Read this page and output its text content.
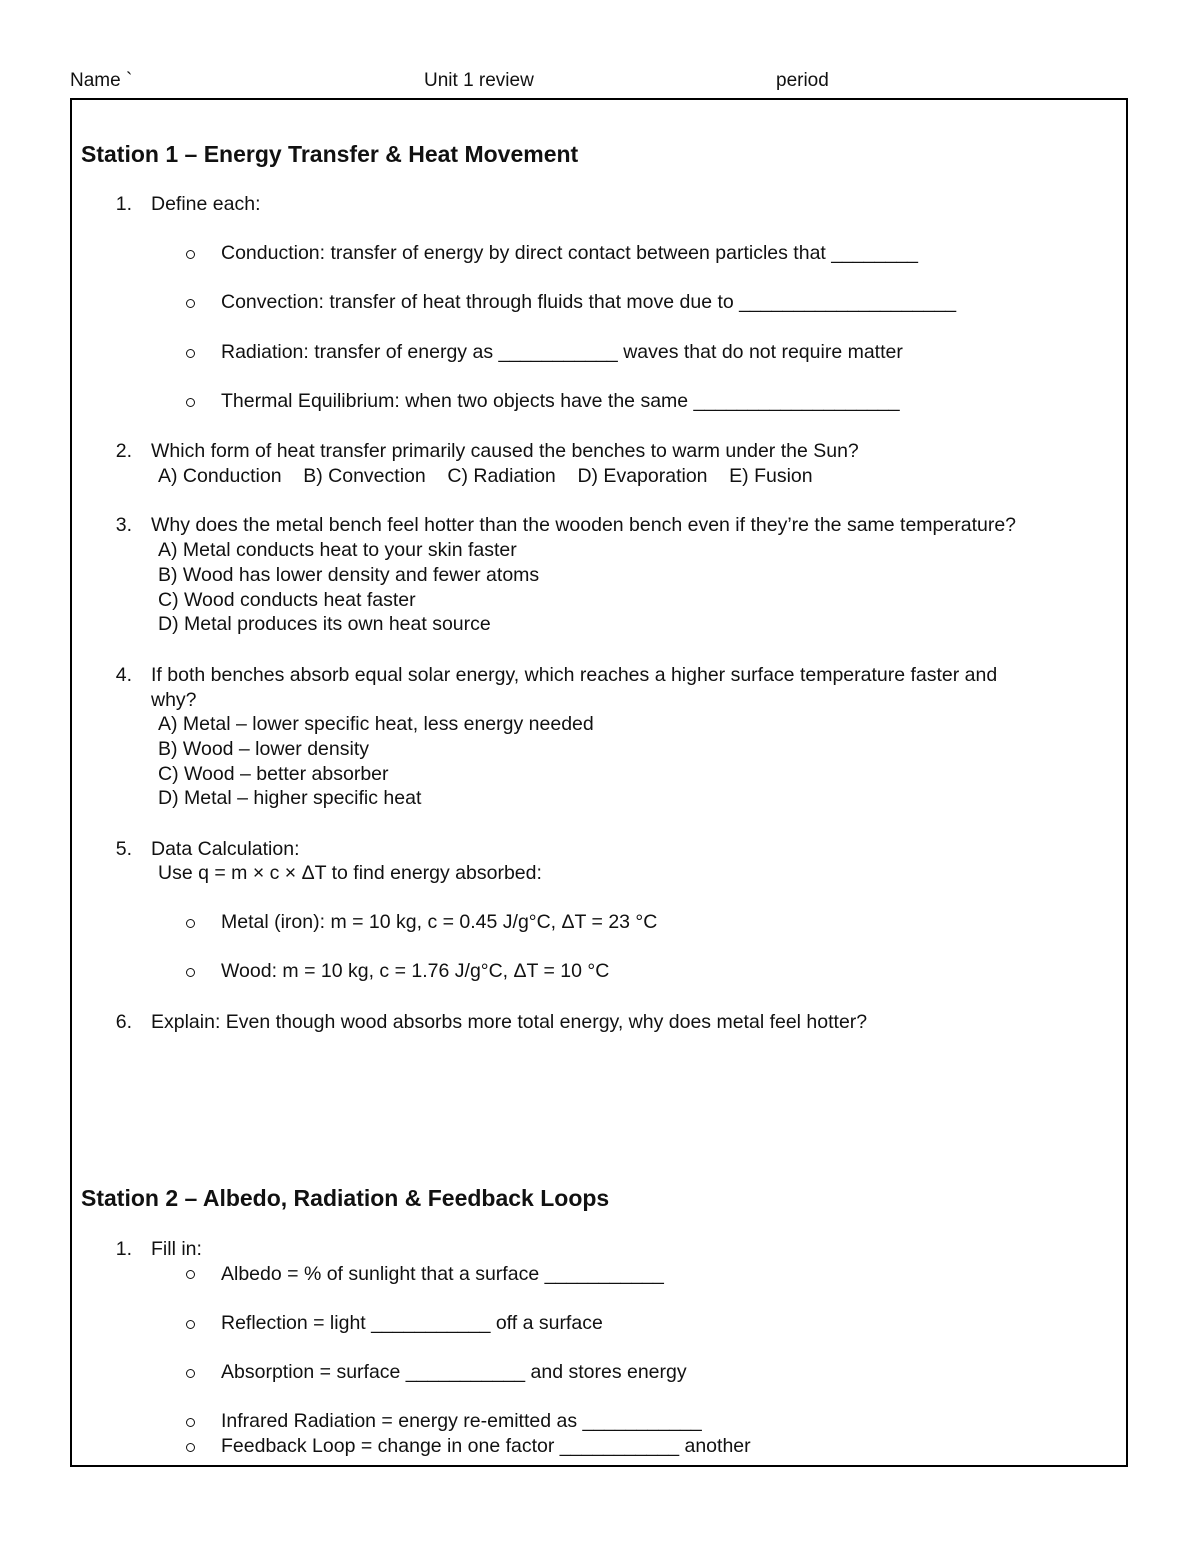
Name `	Unit 1 review	period
Station 1 – Energy Transfer & Heat Movement
1. Define each:
Conduction: transfer of energy by direct contact between particles that ________
Convection: transfer of heat through fluids that move due to ____________________
Radiation: transfer of energy as ___________ waves that do not require matter
Thermal Equilibrium: when two objects have the same ___________________
2. Which form of heat transfer primarily caused the benches to warm under the Sun?
A) Conduction    B) Convection    C) Radiation    D) Evaporation    E) Fusion
3. Why does the metal bench feel hotter than the wooden bench even if they’re the same temperature?
A) Metal conducts heat to your skin faster
B) Wood has lower density and fewer atoms
C) Wood conducts heat faster
D) Metal produces its own heat source
4. If both benches absorb equal solar energy, which reaches a higher surface temperature faster and
why?
A) Metal – lower specific heat, less energy needed
B) Wood – lower density
C) Wood – better absorber
D) Metal – higher specific heat
5. Data Calculation:
Use q = m × c × ΔT to find energy absorbed:
Metal (iron): m = 10 kg, c = 0.45 J/g°C, ΔT = 23 °C
Wood: m = 10 kg, c = 1.76 J/g°C, ΔT = 10 °C
6. Explain: Even though wood absorbs more total energy, why does metal feel hotter?
Station 2 – Albedo, Radiation & Feedback Loops
1. Fill in:
Albedo = % of sunlight that a surface ___________
Reflection = light ___________ off a surface
Absorption = surface ___________ and stores energy
Infrared Radiation = energy re-emitted as ___________
Feedback Loop = change in one factor ___________ another
